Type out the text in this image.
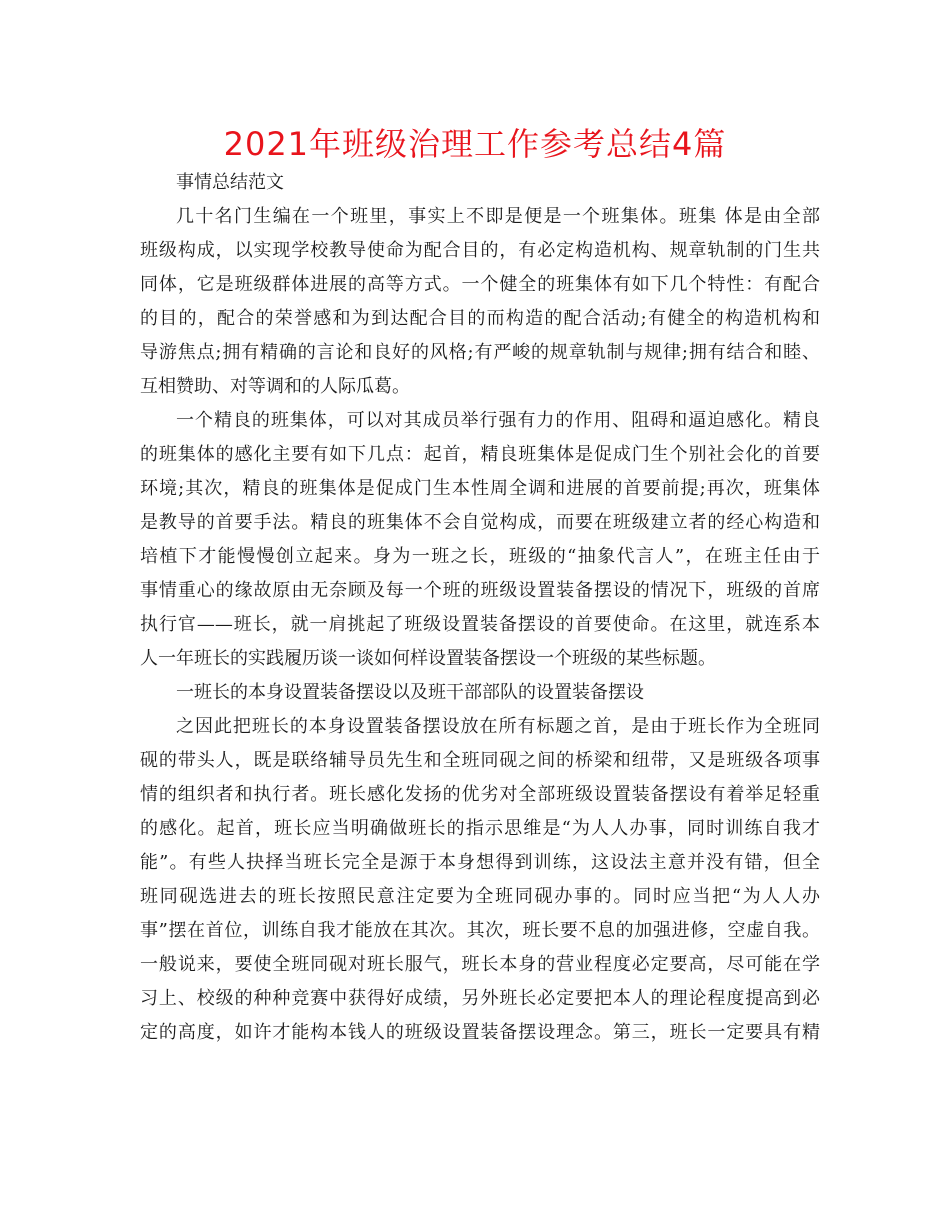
2021年班级治理工作参考总结4篇
事情总结范文
几十名门生编在一个班里，事实上不即是便是一个班集体。班集 体是由全部
班级构成，以实现学校教导使命为配合目的，有必定构造机构、规章轨制的门生共
同体，它是班级群体进展的高等方式。一个健全的班集体有如下几个特性：有配合
的目的，配合的荣誉感和为到达配合目的而构造的配合活动;有健全的构造机构和
导游焦点;拥有精确的言论和良好的风格;有严峻的规章轨制与规律;拥有结合和睦、
互相赞助、对等调和的人际瓜葛。
一个精良的班集体，可以对其成员举行强有力的作用、阻碍和逼迫感化。精良
的班集体的感化主要有如下几点：起首，精良班集体是促成门生个别社会化的首要
环境;其次，精良的班集体是促成门生本性周全调和进展的首要前提;再次，班集体
是教导的首要手法。精良的班集体不会自觉构成，而要在班级建立者的经心构造和
培植下才能慢慢创立起来。身为一班之长，班级的“抽象代言人”，在班主任由于
事情重心的缘故原由无奈顾及每一个班的班级设置装备摆设的情况下，班级的首席
执行官——班长，就一肩挑起了班级设置装备摆设的首要使命。在这里，就连系本
人一年班长的实践履历谈一谈如何样设置装备摆设一个班级的某些标题。
一班长的本身设置装备摆设以及班干部部队的设置装备摆设
之因此把班长的本身设置装备摆设放在所有标题之首，是由于班长作为全班同
砚的带头人，既是联络辅导员先生和全班同砚之间的桥梁和纽带，又是班级各项事
情的组织者和执行者。班长感化发扬的优劣对全部班级设置装备摆设有着举足轻重
的感化。起首，班长应当明确做班长的指示思维是“为人人办事，同时训练自我才
能”。有些人抉择当班长完全是源于本身想得到训练，这设法主意并没有错，但全
班同砚选进去的班长按照民意注定要为全班同砚办事的。同时应当把“为人人办
事”摆在首位，训练自我才能放在其次。其次，班长要不息的加强进修，空虚自我。
一般说来，要使全班同砚对班长服气，班长本身的营业程度必定要高，尽可能在学
习上、校级的种种竞赛中获得好成绩，另外班长必定要把本人的理论程度提高到必
定的高度，如许才能构本钱人的班级设置装备摆设理念。第三，班长一定要具有精
